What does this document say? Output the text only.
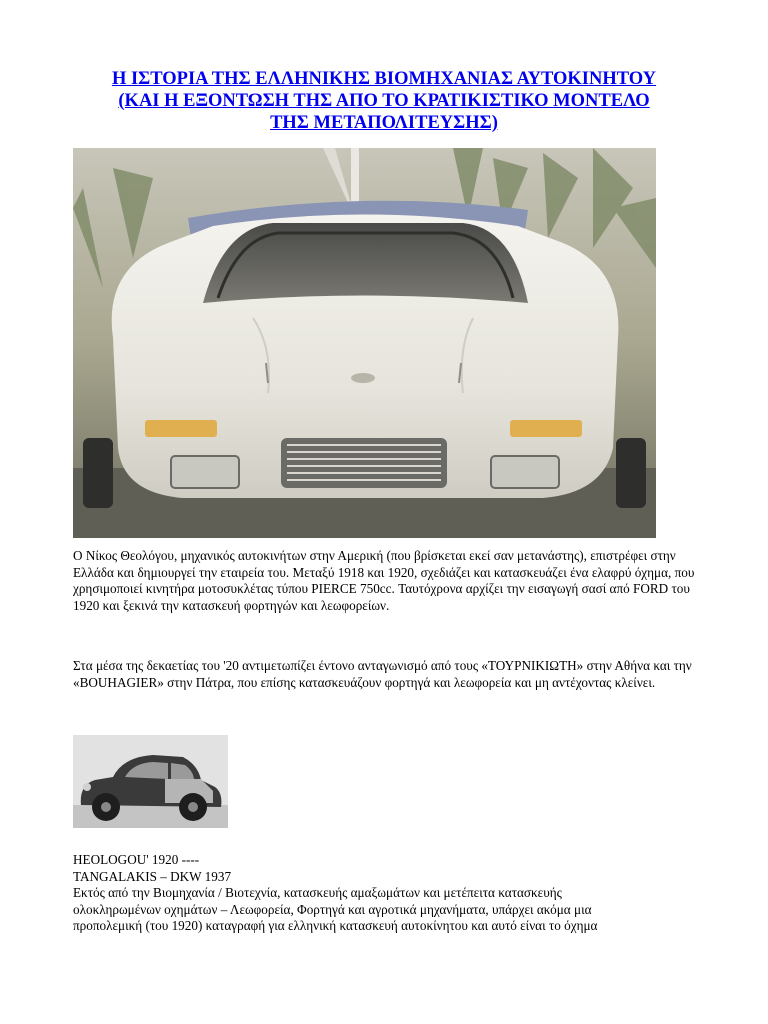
Η ΙΣΤΟΡΙΑ ΤΗΣ ΕΛΛΗΝΙΚΗΣ ΒΙΟΜΗΧΑΝΙΑΣ ΑΥΤΟΚΙΝΗΤΟΥ
(ΚΑΙ Η ΕΞΟΝΤΩΣΗ ΤΗΣ ΑΠΟ ΤΟ ΚΡΑΤΙΚΙΣΤΙΚΟ ΜΟΝΤΕΛΟ
ΤΗΣ ΜΕΤΑΠΟΛΙΤΕΥΣΗΣ)

Ο Νίκος Θεολόγου, μηχανικός αυτοκινήτων στην Αμερική (που βρίσκεται εκεί σαν μετανάστης), επιστρέφει στην Ελλάδα και δημιουργεί την εταιρεία του. Μεταξύ 1918 και 1920, σχεδιάζει και κατασκευάζει ένα ελαφρύ όχημα, που χρησιμοποιεί κινητήρα μοτοσυκλέτας τύπου PIERCE 750cc. Ταυτόχρονα αρχίζει την εισαγωγή σασί από FORD του 1920 και ξεκινά την κατασκευή φορτηγών και λεωφορείων.

Στα μέσα της δεκαετίας του '20 αντιμετωπίζει έντονο ανταγωνισμό από τους «ΤΟΥΡΝΙΚΙΩΤΗ» στην Αθήνα και την «BOUHAGIER» στην Πάτρα, που επίσης κατασκευάζουν φορτηγά και λεωφορεία και μη αντέχοντας κλείνει.

HEOLOGOU' 1920 ----
TANGALAKIS – DKW 1937
Εκτός από την Βιομηχανία / Βιοτεχνία, κατασκευής αμαξωμάτων και μετέπειτα κατασκευής
ολοκληρωμένων οχημάτων – Λεωφορεία, Φορτηγά και αγροτικά μηχανήματα, υπάρχει ακόμα μια
προπολεμική (του 1920) καταγραφή για ελληνική κατασκευή αυτοκίνητου και αυτό είναι το όχημα
